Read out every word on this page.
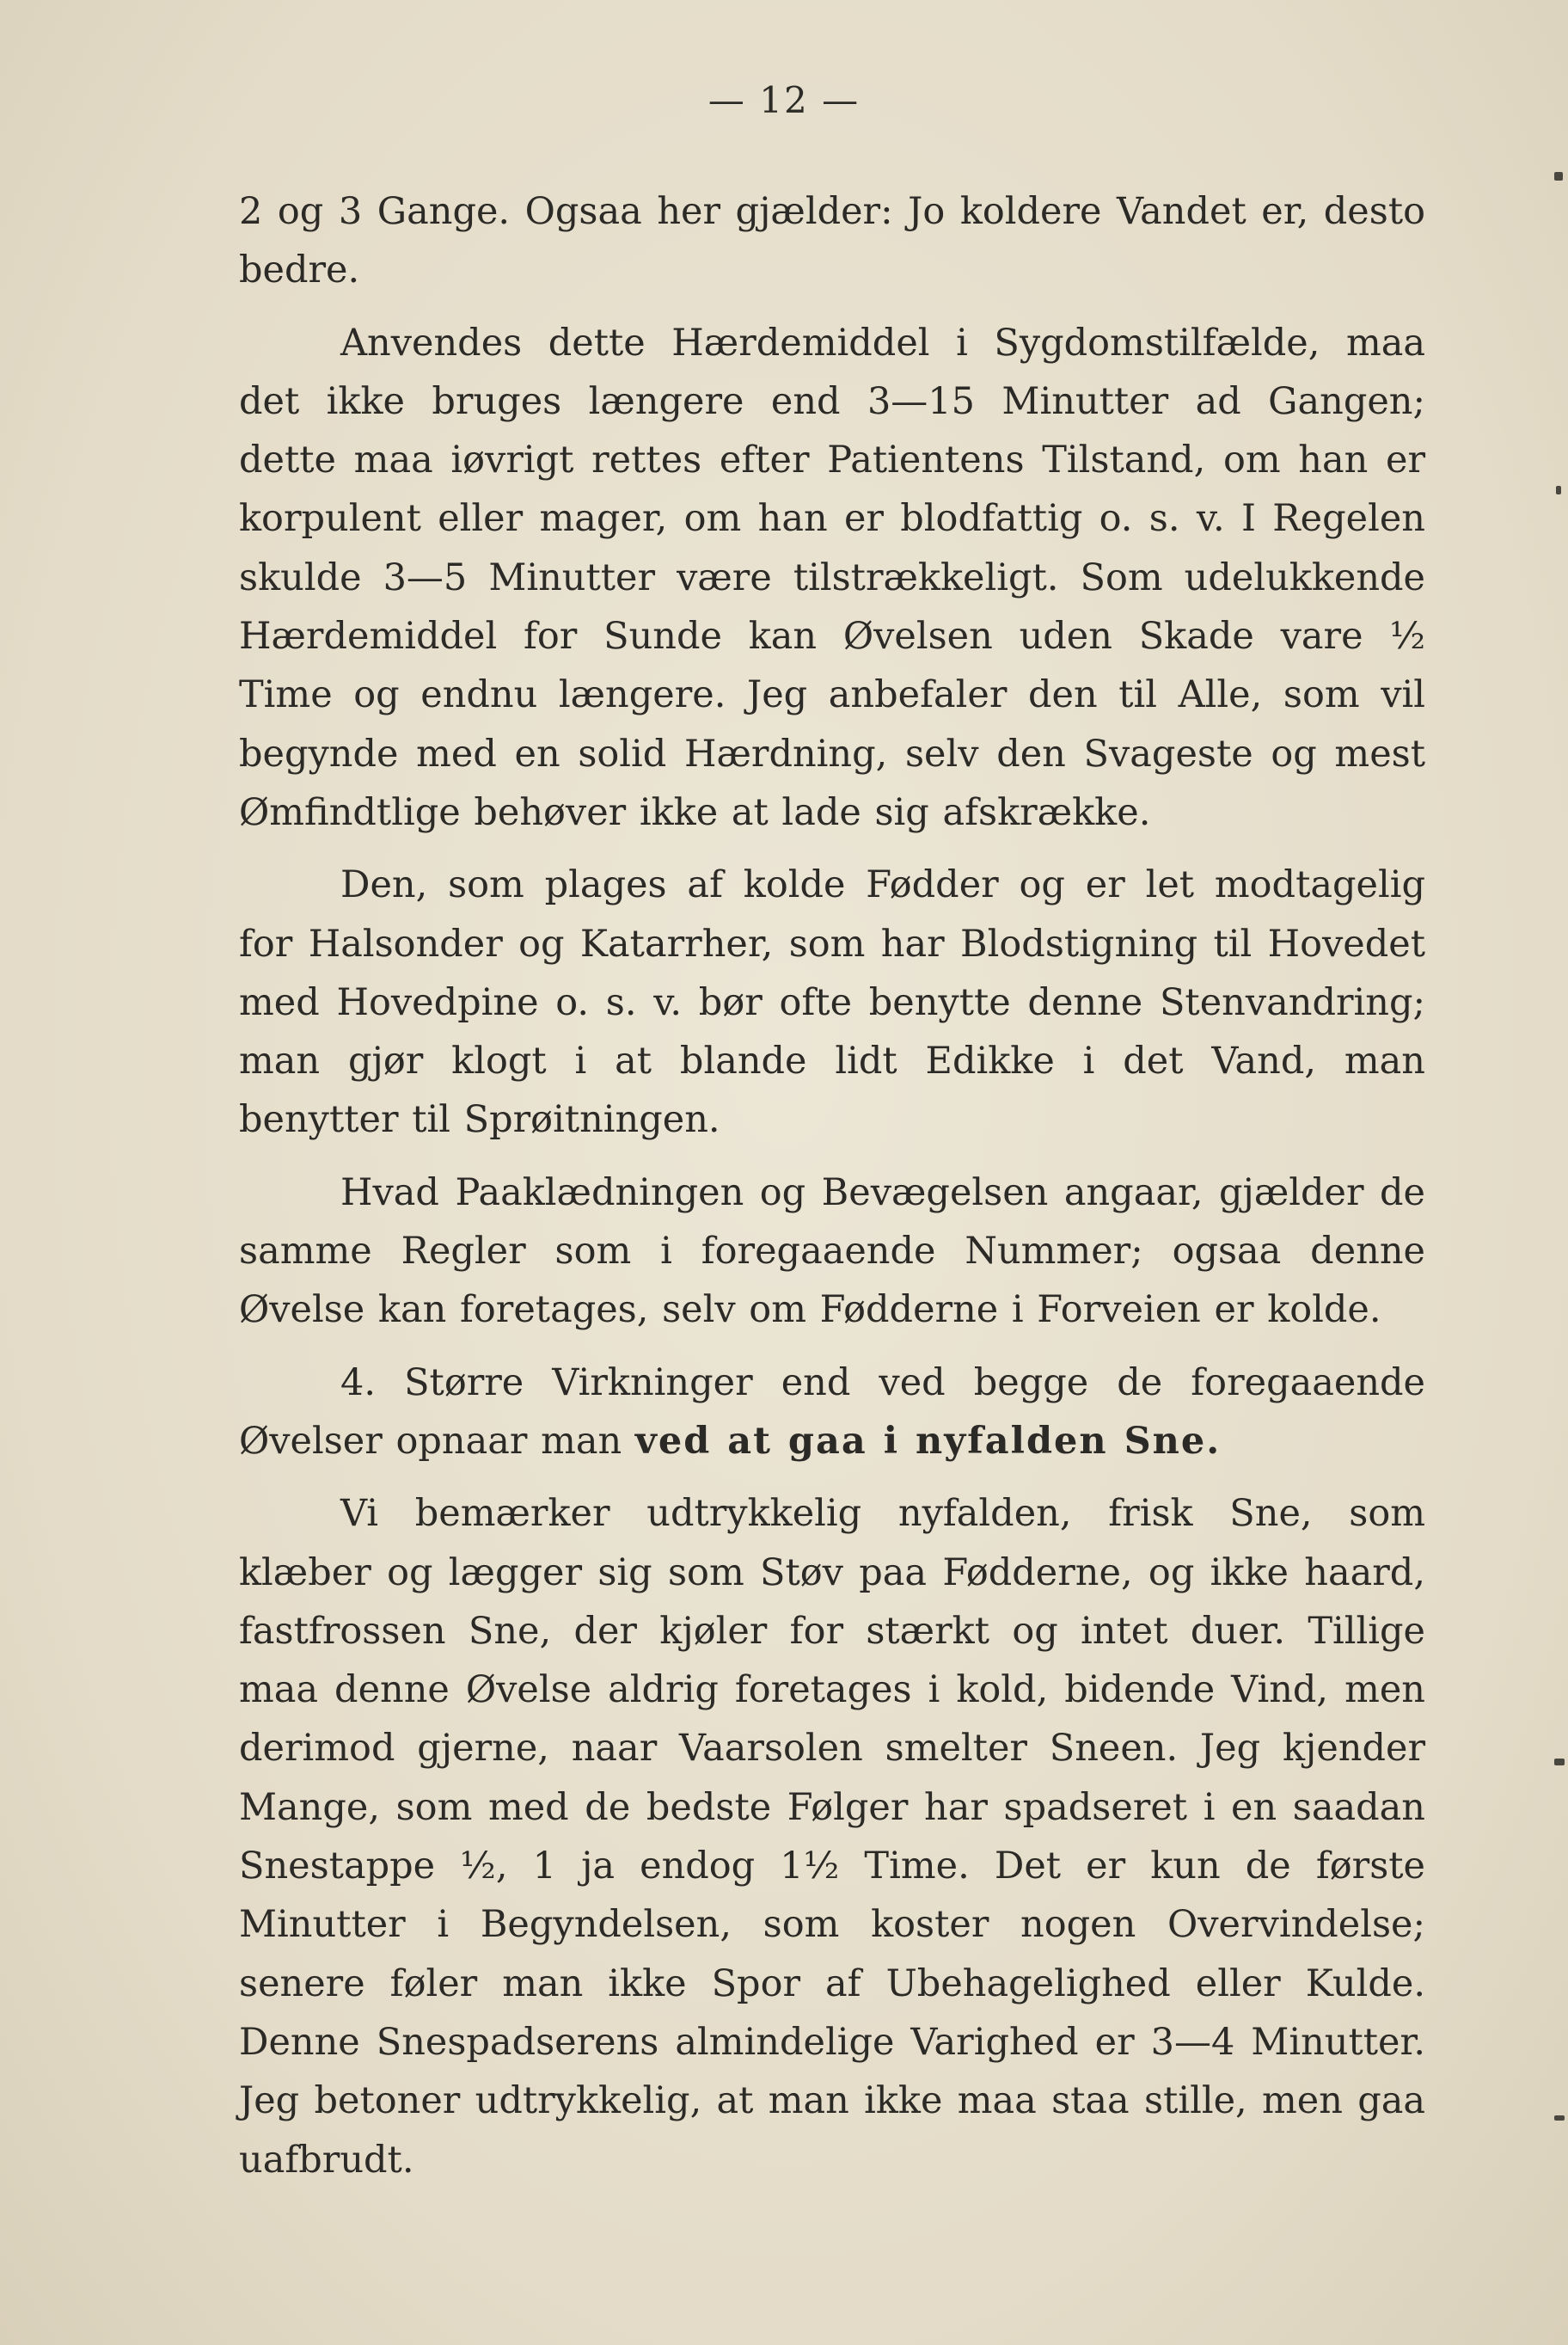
— 12 —

2 og 3 Gange. Ogsaa her gjælder: Jo koldere Vandet er, desto bedre.

Anvendes dette Hærdemiddel i Sygdomstilfælde, maa det ikke bruges længere end 3—15 Minutter ad Gangen; dette maa iøvrigt rettes efter Patientens Tilstand, om han er korpulent eller mager, om han er blodfattig o. s. v. I Regelen skulde 3—5 Minutter være tilstrækkeligt. Som udelukkende Hærdemiddel for Sunde kan Øvelsen uden Skade vare ½ Time og endnu længere. Jeg anbefaler den til Alle, som vil begynde med en solid Hærdning, selv den Svageste og mest Ømfindtlige behøver ikke at lade sig afskrække.

Den, som plages af kolde Fødder og er let modtagelig for Halsonder og Katarrher, som har Blodstigning til Hovedet med Hovedpine o. s. v. bør ofte benytte denne Stenvandring; man gjør klogt i at blande lidt Edikke i det Vand, man benytter til Sprøitningen.

Hvad Paaklædningen og Bevægelsen angaar, gjælder de samme Regler som i foregaaende Nummer; ogsaa denne Øvelse kan foretages, selv om Fødderne i Forveien er kolde.

4. Større Virkninger end ved begge de foregaaende Øvelser opnaar man ved at gaa i nyfalden Sne.

Vi bemærker udtrykkelig nyfalden, frisk Sne, som klæber og lægger sig som Støv paa Fødderne, og ikke haard, fastfrossen Sne, der kjøler for stærkt og intet duer. Tillige maa denne Øvelse aldrig foretages i kold, bidende Vind, men derimod gjerne, naar Vaarsolen smelter Sneen. Jeg kjender Mange, som med de bedste Følger har spadseret i en saadan Snestappe ½, 1 ja endog 1½ Time. Det er kun de første Minutter i Begyndelsen, som koster nogen Overvindelse; senere føler man ikke Spor af Ubehagelighed eller Kulde. Denne Snespadserens almindelige Varighed er 3—4 Minutter. Jeg betoner udtrykkelig, at man ikke maa staa stille, men gaa uafbrudt.
